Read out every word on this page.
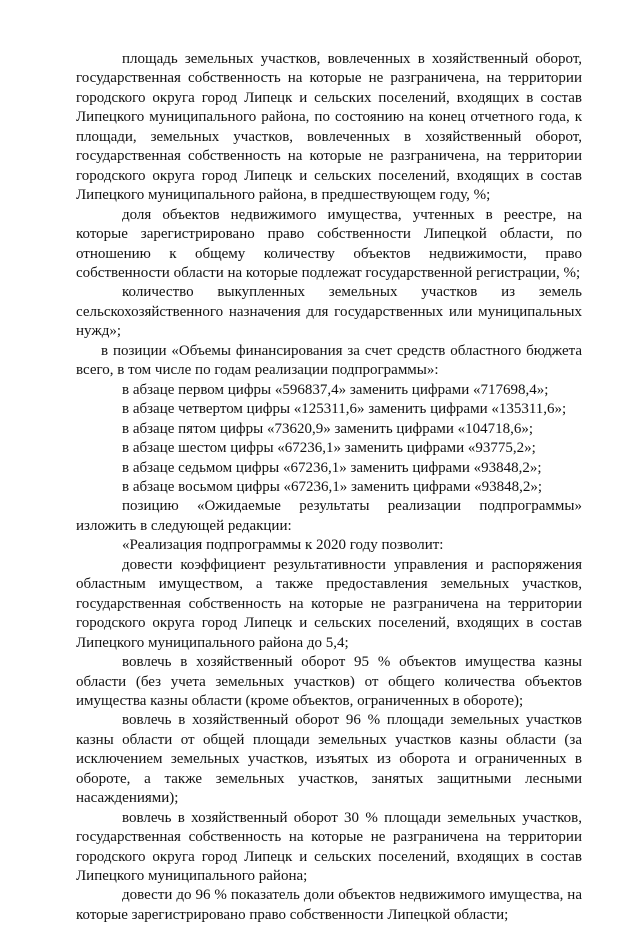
площадь земельных участков, вовлеченных в хозяйственный оборот, государственная собственность на которые не разграничена, на территории городского округа город Липецк и сельских поселений, входящих в состав Липецкого муниципального района, по состоянию на конец отчетного года, к площади, земельных участков, вовлеченных в хозяйственный оборот, государственная собственность на которые не разграничена, на территории городского округа город Липецк и сельских поселений, входящих в состав Липецкого муниципального района, в предшествующем году, %;

доля объектов недвижимого имущества, учтенных в реестре, на которые зарегистрировано право собственности Липецкой области, по отношению к общему количеству объектов недвижимости, право собственности области на которые подлежат государственной регистрации, %;

количество выкупленных земельных участков из земель сельскохозяйственного назначения для государственных или муниципальных нужд»;

в позиции «Объемы финансирования за счет средств областного бюджета всего, в том числе по годам реализации подпрограммы»:

в абзаце первом цифры «596837,4» заменить цифрами «717698,4»;

в абзаце четвертом цифры «125311,6» заменить цифрами «135311,6»;

в абзаце пятом цифры «73620,9» заменить цифрами «104718,6»;

в абзаце шестом цифры «67236,1» заменить цифрами «93775,2»;

в абзаце седьмом цифры «67236,1» заменить цифрами «93848,2»;

в абзаце восьмом цифры «67236,1» заменить цифрами «93848,2»;

позицию «Ожидаемые результаты реализации подпрограммы» изложить в следующей редакции:

«Реализация подпрограммы к 2020 году позволит:

довести коэффициент результативности управления и распоряжения областным имуществом, а также предоставления земельных участков, государственная собственность на которые не разграничена на территории городского округа город Липецк и сельских поселений, входящих в состав Липецкого муниципального района до 5,4;

вовлечь в хозяйственный оборот 95 % объектов имущества казны области (без учета земельных участков) от общего количества объектов имущества казны области (кроме объектов, ограниченных в обороте);

вовлечь в хозяйственный оборот 96 % площади земельных участков казны области от общей площади земельных участков казны области (за исключением земельных участков, изъятых из оборота и ограниченных в обороте, а также земельных участков, занятых защитными лесными насаждениями);

вовлечь в хозяйственный оборот 30 % площади земельных участков, государственная собственность на которые не разграничена на территории городского округа город Липецк и сельских поселений, входящих в состав Липецкого муниципального района;

довести до 96 % показатель доли объектов недвижимого имущества, на которые зарегистрировано право собственности Липецкой области;
